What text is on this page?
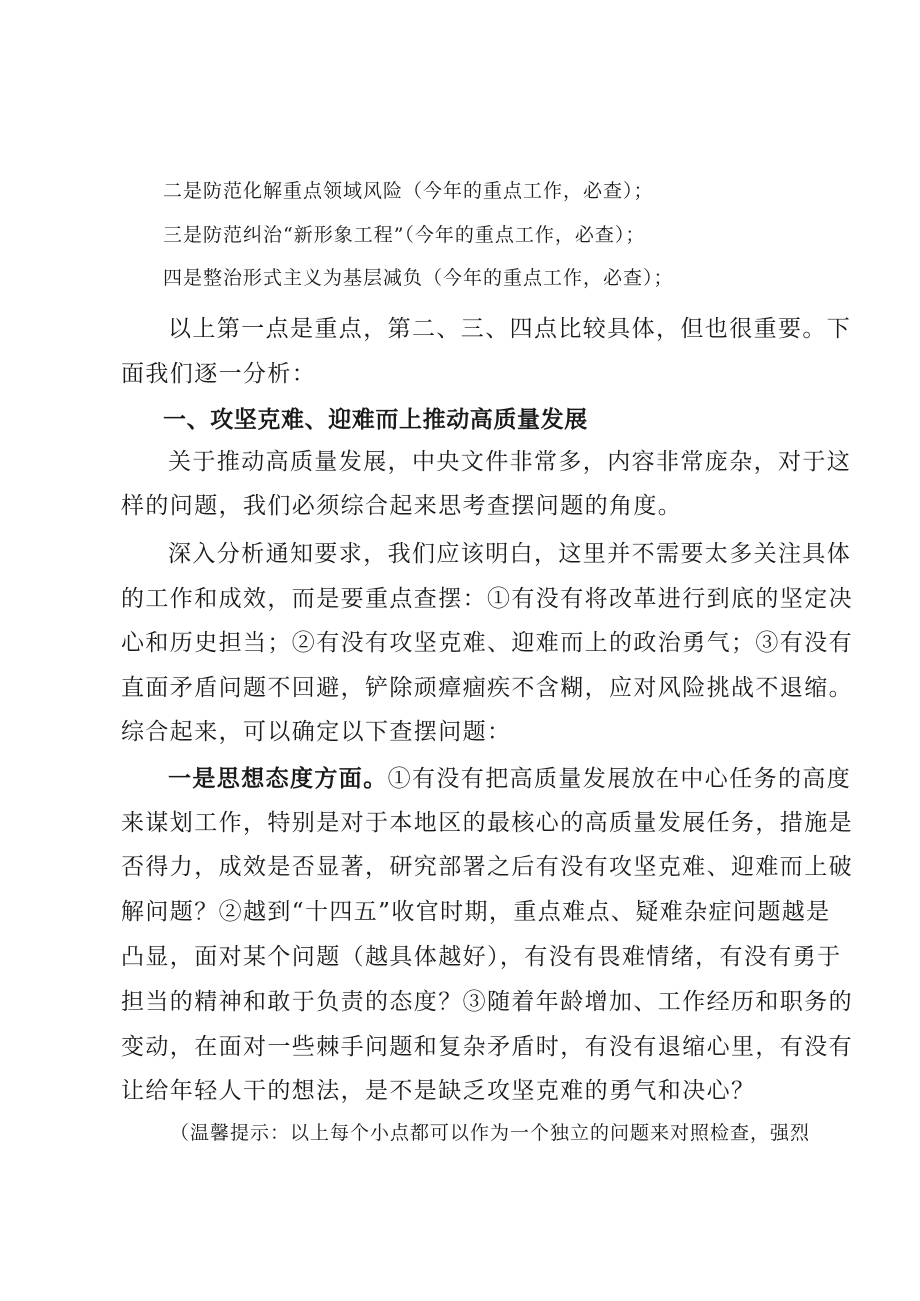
二是防范化解重点领域风险（今年的重点工作，必查）；

三是防范纠治“新形象工程”（今年的重点工作，必查）；

四是整治形式主义为基层减负（今年的重点工作，必查）；

以上第一点是重点，第二、三、四点比较具体，但也很重要。下

面我们逐一分析：

一、攻坚克难、迎难而上推动高质量发展

关于推动高质量发展，中央文件非常多，内容非常庞杂，对于这

样的问题，我们必须综合起来思考查摆问题的角度。

深入分析通知要求，我们应该明白，这里并不需要太多关注具体

的工作和成效，而是要重点查摆：①有没有将改革进行到底的坚定决

心和历史担当；②有没有攻坚克难、迎难而上的政治勇气；③有没有

直面矛盾问题不回避，铲除顽瘴痼疾不含糊，应对风险挑战不退缩。

综合起来，可以确定以下查摆问题：

一是思想态度方面。①有没有把高质量发展放在中心任务的高度

来谋划工作，特别是对于本地区的最核心的高质量发展任务，措施是

否得力，成效是否显著，研究部署之后有没有攻坚克难、迎难而上破

解问题？②越到“十四五”收官时期，重点难点、疑难杂症问题越是

凸显，面对某个问题（越具体越好），有没有畏难情绪，有没有勇于

担当的精神和敢于负责的态度？③随着年龄增加、工作经历和职务的

变动，在面对一些棘手问题和复杂矛盾时，有没有退缩心里，有没有

让给年轻人干的想法，是不是缺乏攻坚克难的勇气和决心？

（温馨提示：以上每个小点都可以作为一个独立的问题来对照检查，强烈
